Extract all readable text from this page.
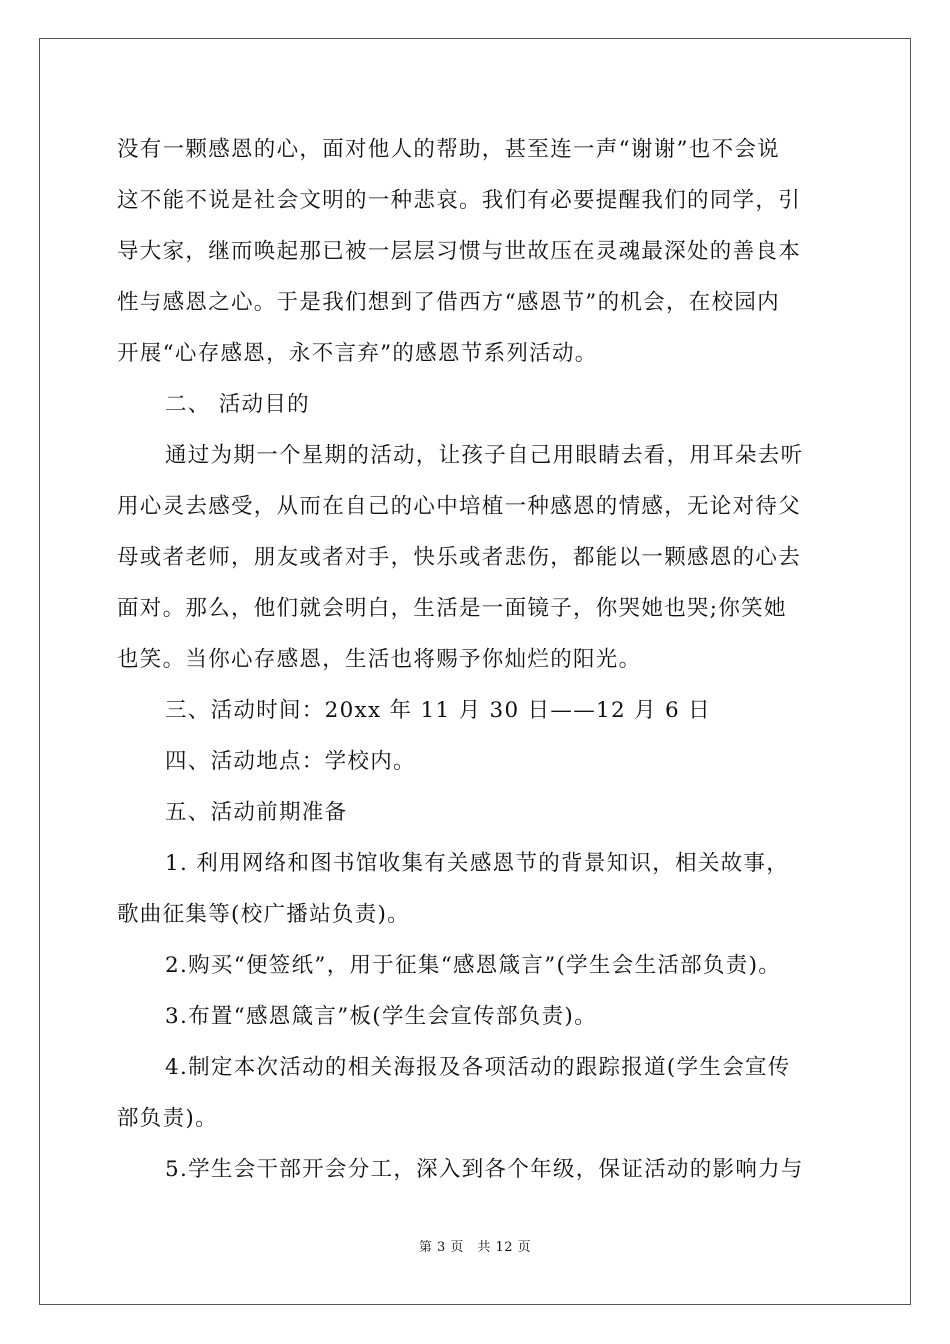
没有一颗感恩的心，面对他人的帮助，甚至连一声“谢谢”也不会说
这不能不说是社会文明的一种悲哀。我们有必要提醒我们的同学，引
导大家，继而唤起那已被一层层习惯与世故压在灵魂最深处的善良本
性与感恩之心。于是我们想到了借西方“感恩节”的机会，在校园内
开展“心存感恩，永不言弃”的感恩节系列活动。
二、 活动目的
通过为期一个星期的活动，让孩子自己用眼睛去看，用耳朵去听
用心灵去感受，从而在自己的心中培植一种感恩的情感，无论对待父
母或者老师，朋友或者对手，快乐或者悲伤，都能以一颗感恩的心去
面对。那么，他们就会明白，生活是一面镜子，你哭她也哭;你笑她
也笑。当你心存感恩，生活也将赐予你灿烂的阳光。
三、活动时间：20xx 年 11 月 30 日——12 月 6 日
四、活动地点：学校内。
五、活动前期准备
1. 利用网络和图书馆收集有关感恩节的背景知识，相关故事，
歌曲征集等(校广播站负责)。
2.购买“便签纸”，用于征集“感恩箴言”(学生会生活部负责)。
3.布置“感恩箴言”板(学生会宣传部负责)。
4.制定本次活动的相关海报及各项活动的跟踪报道(学生会宣传
部负责)。
5.学生会干部开会分工，深入到各个年级，保证活动的影响力与
第 3 页　共 12 页
